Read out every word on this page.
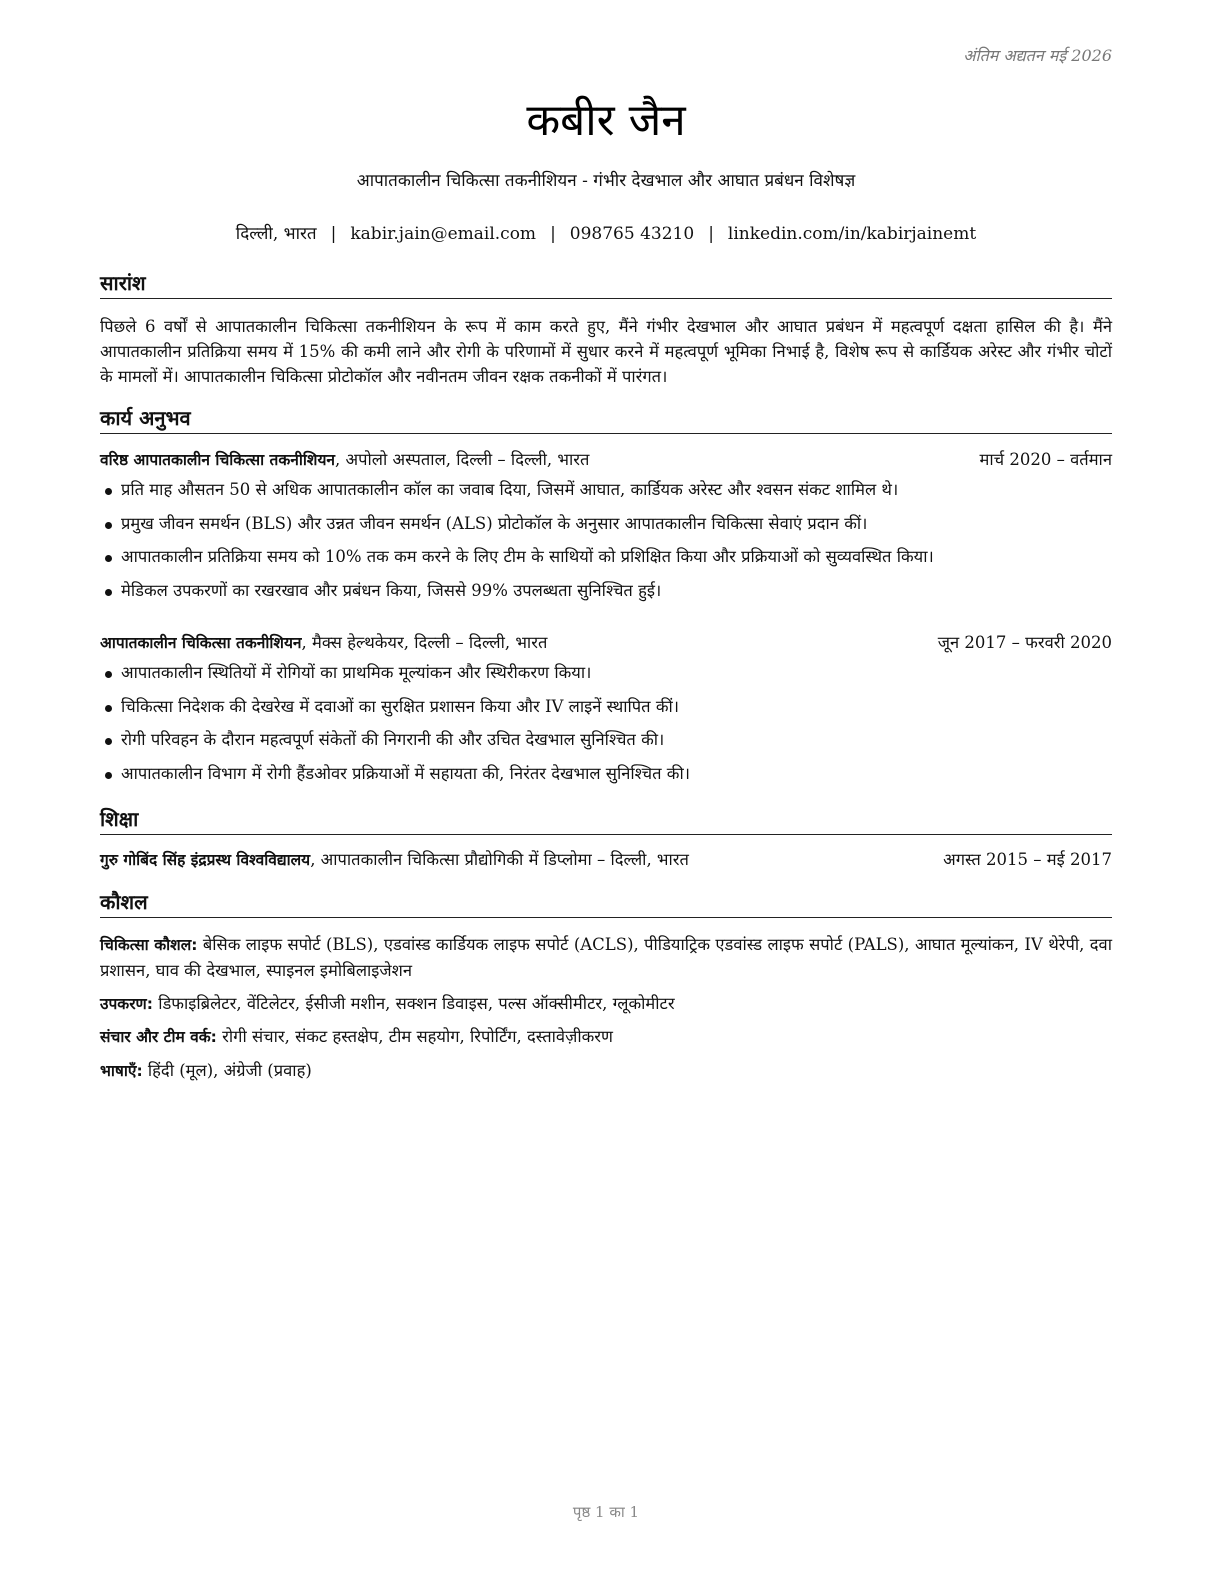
अंतिम अद्यतन मई 2026
कबीर जैन
आपातकालीन चिकित्सा तकनीशियन - गंभीर देखभाल और आघात प्रबंधन विशेषज्ञ
दिल्ली, भारत | kabir.jain@email.com | 098765 43210 | linkedin.com/in/kabirjainemt
सारांश
पिछले 6 वर्षों से आपातकालीन चिकित्सा तकनीशियन के रूप में काम करते हुए, मैंने गंभीर देखभाल और आघात प्रबंधन में महत्वपूर्ण दक्षता हासिल की है। मैंने आपातकालीन प्रतिक्रिया समय में 15% की कमी लाने और रोगी के परिणामों में सुधार करने में महत्वपूर्ण भूमिका निभाई है, विशेष रूप से कार्डियक अरेस्ट और गंभीर चोटों के मामलों में। आपातकालीन चिकित्सा प्रोटोकॉल और नवीनतम जीवन रक्षक तकनीकों में पारंगत।
कार्य अनुभव
वरिष्ठ आपातकालीन चिकित्सा तकनीशियन, अपोलो अस्पताल, दिल्ली – दिल्ली, भारत	मार्च 2020 – वर्तमान
प्रति माह औसतन 50 से अधिक आपातकालीन कॉल का जवाब दिया, जिसमें आघात, कार्डियक अरेस्ट और श्वसन संकट शामिल थे।
प्रमुख जीवन समर्थन (BLS) और उन्नत जीवन समर्थन (ALS) प्रोटोकॉल के अनुसार आपातकालीन चिकित्सा सेवाएं प्रदान कीं।
आपातकालीन प्रतिक्रिया समय को 10% तक कम करने के लिए टीम के साथियों को प्रशिक्षित किया और प्रक्रियाओं को सुव्यवस्थित किया।
मेडिकल उपकरणों का रखरखाव और प्रबंधन किया, जिससे 99% उपलब्धता सुनिश्चित हुई।
आपातकालीन चिकित्सा तकनीशियन, मैक्स हेल्थकेयर, दिल्ली – दिल्ली, भारत	जून 2017 – फरवरी 2020
आपातकालीन स्थितियों में रोगियों का प्राथमिक मूल्यांकन और स्थिरीकरण किया।
चिकित्सा निदेशक की देखरेख में दवाओं का सुरक्षित प्रशासन किया और IV लाइनें स्थापित कीं।
रोगी परिवहन के दौरान महत्वपूर्ण संकेतों की निगरानी की और उचित देखभाल सुनिश्चित की।
आपातकालीन विभाग में रोगी हैंडओवर प्रक्रियाओं में सहायता की, निरंतर देखभाल सुनिश्चित की।
शिक्षा
गुरु गोबिंद सिंह इंद्रप्रस्थ विश्वविद्यालय, आपातकालीन चिकित्सा प्रौद्योगिकी में डिप्लोमा – दिल्ली, भारत	अगस्त 2015 – मई 2017
कौशल
चिकित्सा कौशल: बेसिक लाइफ सपोर्ट (BLS), एडवांस्ड कार्डियक लाइफ सपोर्ट (ACLS), पीडियाट्रिक एडवांस्ड लाइफ सपोर्ट (PALS), आघात मूल्यांकन, IV थेरेपी, दवा प्रशासन, घाव की देखभाल, स्पाइनल इमोबिलाइजेशन
उपकरण: डिफाइब्रिलेटर, वेंटिलेटर, ईसीजी मशीन, सक्शन डिवाइस, पल्स ऑक्सीमीटर, ग्लूकोमीटर
संचार और टीम वर्क: रोगी संचार, संकट हस्तक्षेप, टीम सहयोग, रिपोर्टिंग, दस्तावेज़ीकरण
भाषाएँ: हिंदी (मूल), अंग्रेजी (प्रवाह)
पृष्ठ 1 का 1
